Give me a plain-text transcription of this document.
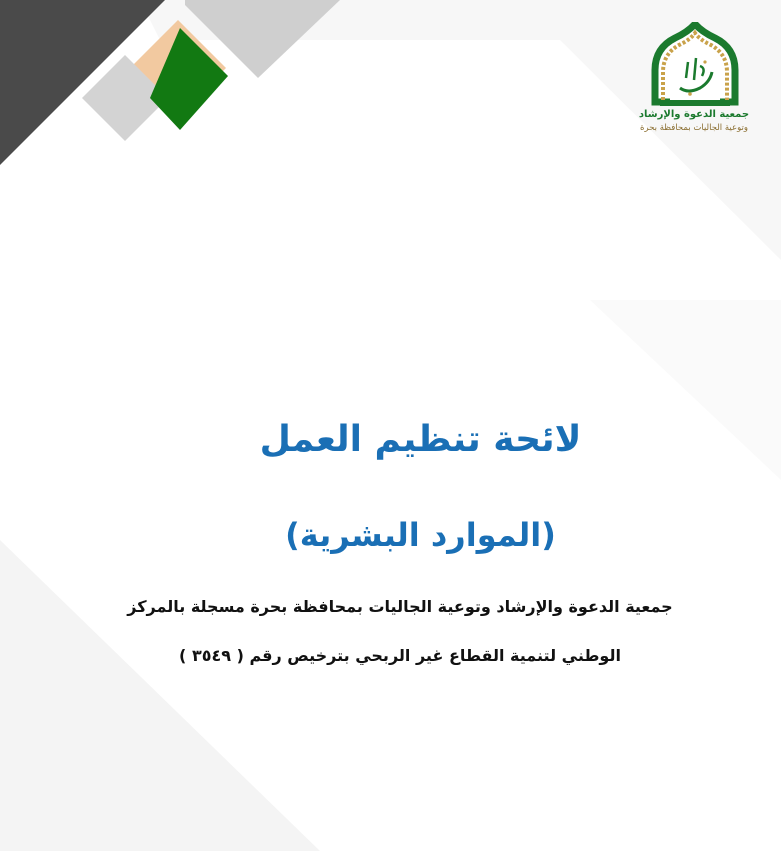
جمعية الدعوة والإرشاد
وتوعية الجاليات بمحافظة بحرة
لائحة تنظيم العمل
(الموارد البشرية)
جمعية الدعوة والإرشاد وتوعية الجاليات بمحافظة بحرة مسجلة بالمركز
الوطني لتنمية القطاع غير الربحي بترخيص رقم ( ٣٥٤٩ )
